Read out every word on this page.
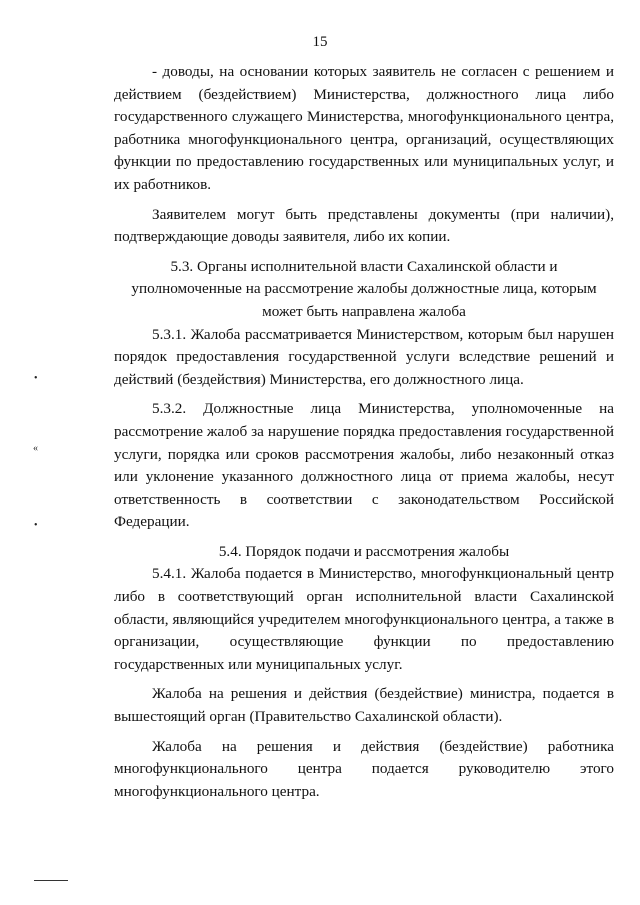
15
•
«
•

- доводы, на основании которых заявитель не согласен с решением и действием (бездействием) Министерства, должностного лица либо государственного служащего Министерства, многофункционального центра, работника многофункционального центра, организаций, осуществляющих функции по предоставлению государственных или муниципальных услуг, и их работников.

Заявителем могут быть представлены документы (при наличии), подтверждающие доводы заявителя, либо их копии.

5.3. Органы исполнительной власти Сахалинской области и уполномоченные на рассмотрение жалобы должностные лица, которым может быть направлена жалоба

5.3.1. Жалоба рассматривается Министерством, которым был нарушен порядок предоставления государственной услуги вследствие решений и действий (бездействия) Министерства, его должностного лица.

5.3.2. Должностные лица Министерства, уполномоченные на рассмотрение жалоб за нарушение порядка предоставления государственной услуги, порядка или сроков рассмотрения жалобы, либо незаконный отказ или уклонение указанного должностного лица от приема жалобы, несут ответственность в соответствии с законодательством Российской Федерации.

5.4. Порядок подачи и рассмотрения жалобы

5.4.1. Жалоба подается в Министерство, многофункциональный центр либо в соответствующий орган исполнительной власти Сахалинской области, являющийся учредителем многофункционального центра, а также в организации, осуществляющие функции по предоставлению государственных или муниципальных услуг.

Жалоба на решения и действия (бездействие) министра, подается в вышестоящий орган (Правительство Сахалинской области).

Жалоба на решения и действия (бездействие) работника многофункционального центра подается руководителю этого многофункционального центра.
